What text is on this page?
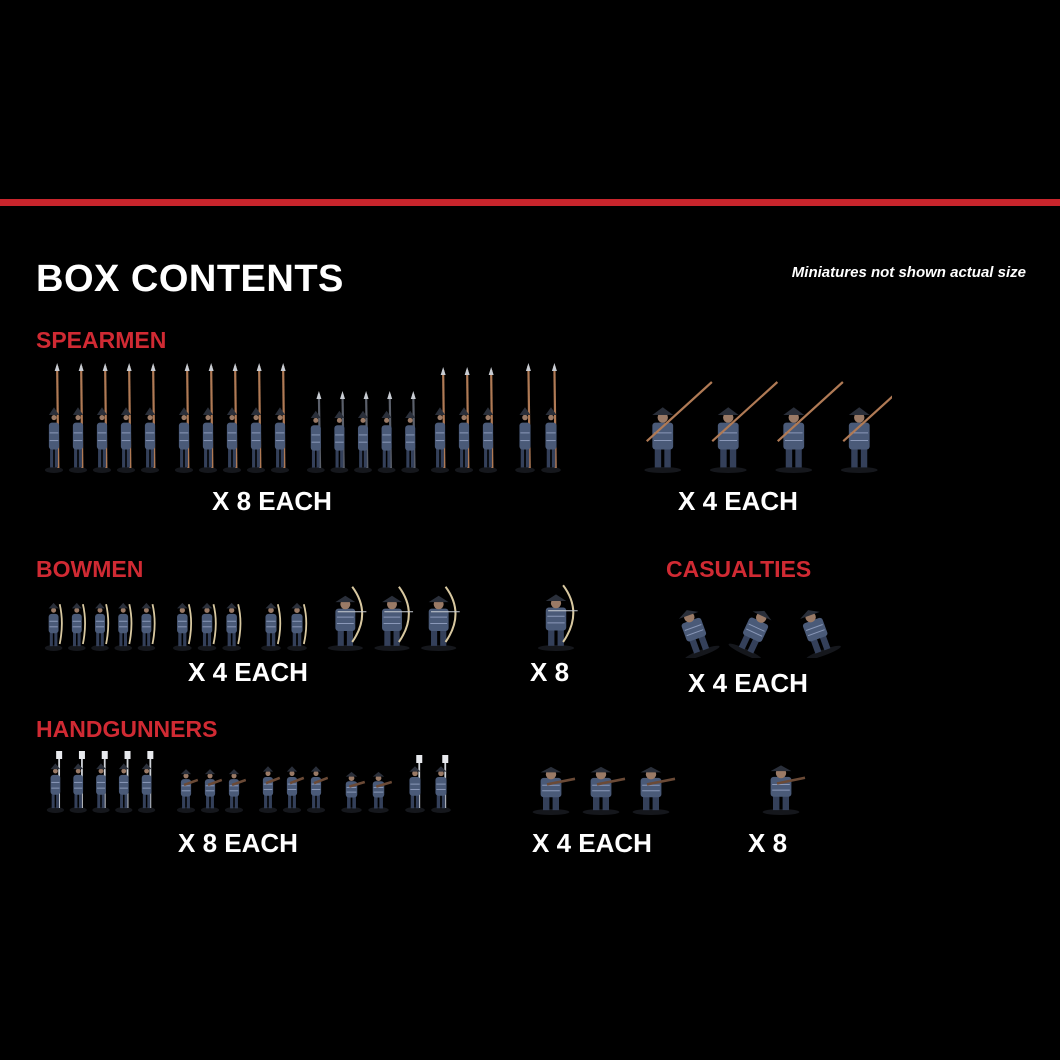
BOX CONTENTS	Miniatures not shown actual size
SPEARMEN
X 8 EACH	X 4 EACH
BOWMEN
X 4 EACH	X 8
CASUALTIES
X 4 EACH
HANDGUNNERS
X 8 EACH	X 4 EACH	X 8
